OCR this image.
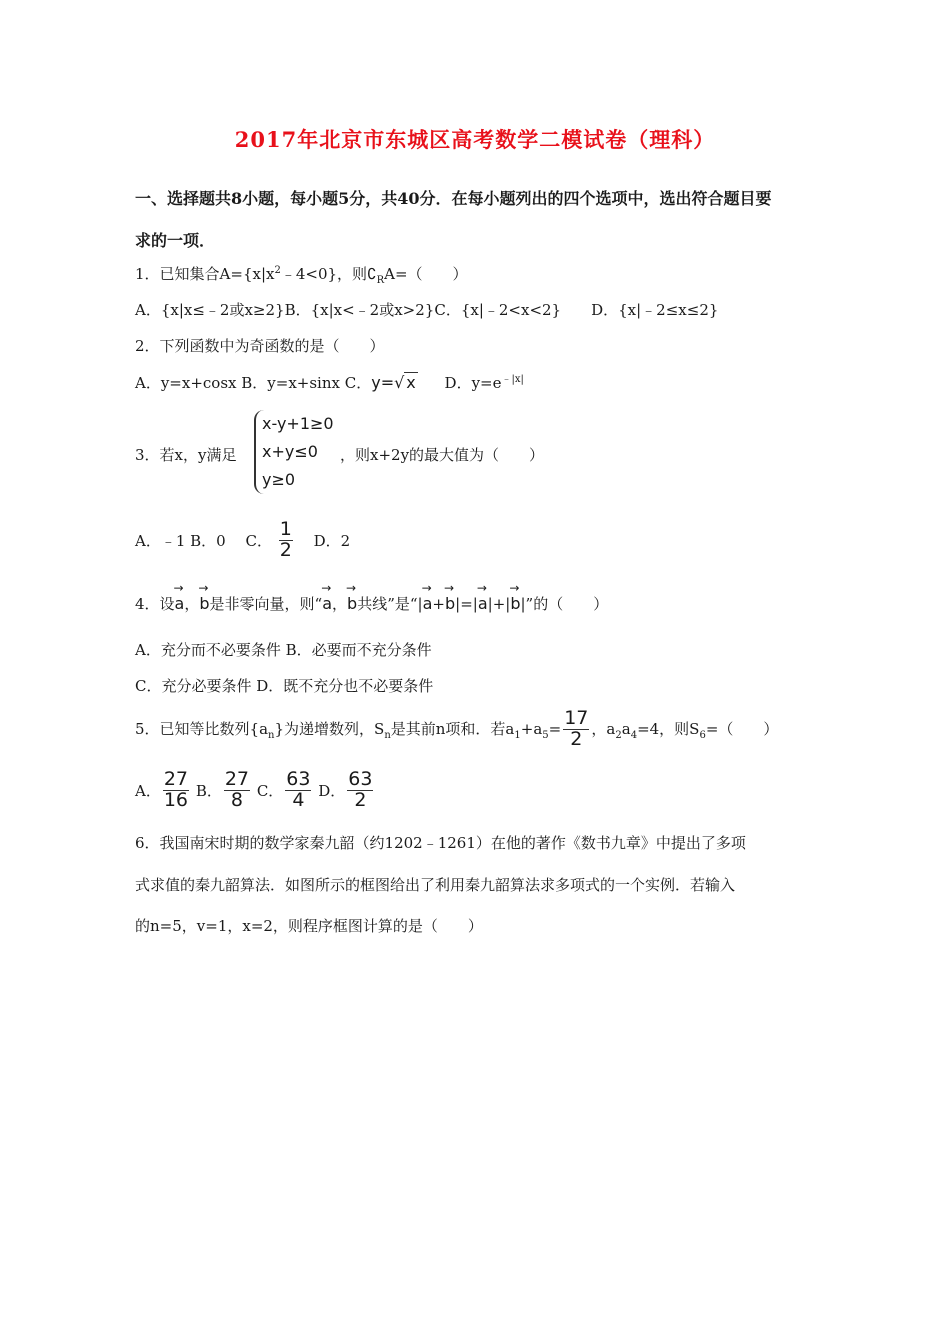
2017年北京市东城区高考数学二模试卷（理科）
一、选择题共8小题，每小题5分，共40分．在每小题列出的四个选项中，选出符合题目要
求的一项．
1．已知集合$A=\{x|x^2﹣4<0\}$，则$∁_RA=$（　　）
A．{x|x≤﹣2或x≥2}B．{x|x<﹣2或x>2}C．{x|﹣2<x<2}　　D．{x|﹣2≤x≤2}
2．下列函数中为奇函数的是（　　）
A．y=x+cosx B．y=x+sinx C．y=√ x D．$y=e^{﹣|x|}$
3．若x，y满足
x-y+1≥0
x+y≤0
y≥0
，则x+2y的最大值为（　　）
A．﹣1 B．0 　C． $\frac{1}{2}$ D．2
4．设→ a，→ b是非零向量，则“→ a，→ b共线”是“|→ a+→ b|=|→ a|+|→ b|”的（　　）
A．充分而不必要条件 B．必要而不充分条件
C．充分必要条件 D．既不充分也不必要条件
5．已知等比数列$\{a_n\}$为递增数列，$S_n$是其前n项和．若$a_1+a_5= \frac{17}{2}$ ，$a_2a_4=4$，则$S_6=$（　　）
A． $\frac{27}{16}$ B． $\frac{27}{8}$ C． $\frac{63}{4}$ D． $\frac{63}{2}$
6．我国南宋时期的数学家秦九韶（约1202﹣1261）在他的著作《数书九章》中提出了多项
式求值的秦九韶算法．如图所示的框图给出了利用秦九韶算法求多项式的一个实例．若输入
的n=5，v=1，x=2，则程序框图计算的是（　　）
